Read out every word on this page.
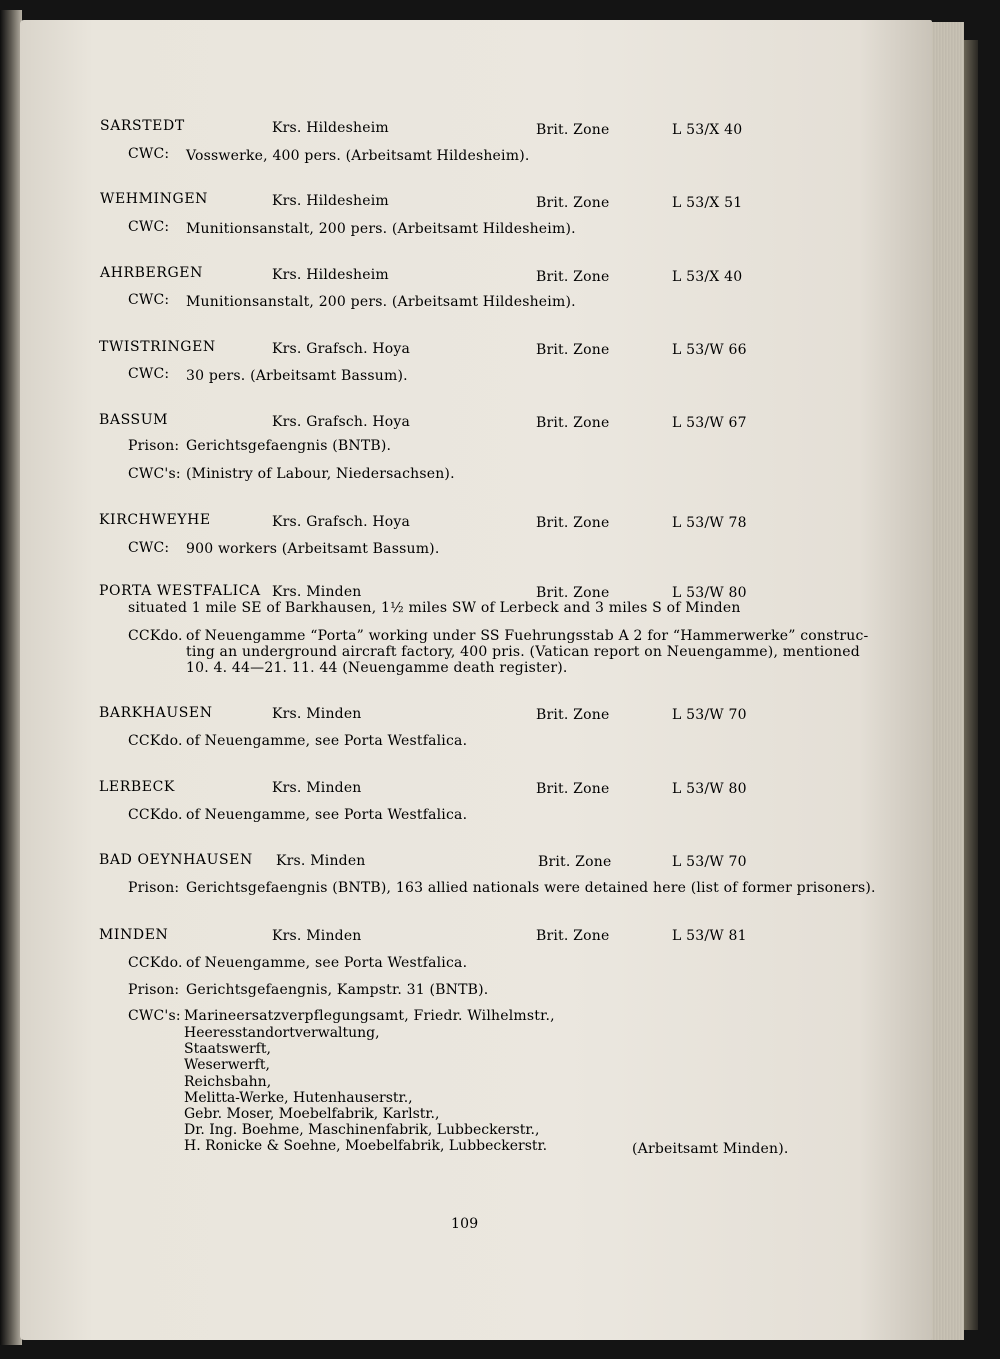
SARSTEDT	Krs. Hildesheim	Brit. Zone	L 53/X 40
CWC: Vosswerke, 400 pers. (Arbeitsamt Hildesheim).
WEHMINGEN	Krs. Hildesheim	Brit. Zone	L 53/X 51
CWC: Munitionsanstalt, 200 pers. (Arbeitsamt Hildesheim).
AHRBERGEN	Krs. Hildesheim	Brit. Zone	L 53/X 40
CWC: Munitionsanstalt, 200 pers. (Arbeitsamt Hildesheim).
TWISTRINGEN	Krs. Grafsch. Hoya	Brit. Zone	L 53/W 66
CWC: 30 pers. (Arbeitsamt Bassum).
BASSUM	Krs. Grafsch. Hoya	Brit. Zone	L 53/W 67
Prison: Gerichtsgefaengnis (BNTB).
CWC's: (Ministry of Labour, Niedersachsen).
KIRCHWEYHE	Krs. Grafsch. Hoya	Brit. Zone	L 53/W 78
CWC: 900 workers (Arbeitsamt Bassum).
PORTA WESTFALICA Krs. Minden	Brit. Zone	L 53/W 80
situated 1 mile SE of Barkhausen, 1½ miles SW of Lerbeck and 3 miles S of Minden
CCKdo. of Neuengamme “Porta” working under SS Fuehrungsstab A 2 for “Hammerwerke” construc-
ting an underground aircraft factory, 400 pris. (Vatican report on Neuengamme), mentioned
10. 4. 44—21. 11. 44 (Neuengamme death register).
BARKHAUSEN	Krs. Minden	Brit. Zone	L 53/W 70
CCKdo. of Neuengamme, see Porta Westfalica.
LERBECK	Krs. Minden	Brit. Zone	L 53/W 80
CCKdo. of Neuengamme, see Porta Westfalica.
BAD OEYNHAUSEN Krs. Minden	Brit. Zone	L 53/W 70
Prison: Gerichtsgefaengnis (BNTB), 163 allied nationals were detained here (list of former prisoners).
MINDEN	Krs. Minden	Brit. Zone	L 53/W 81
CCKdo. of Neuengamme, see Porta Westfalica.
Prison: Gerichtsgefaengnis, Kampstr. 31 (BNTB).
CWC's: Marineersatzverpflegungsamt, Friedr. Wilhelmstr.,
Heeresstandortverwaltung,
Staatswerft,
Weserwerft,
Reichsbahn,
Melitta-Werke, Hutenhauserstr.,
Gebr. Moser, Moebelfabrik, Karlstr.,
Dr. Ing. Boehme, Maschinenfabrik, Lubbeckerstr.,
H. Ronicke & Soehne, Moebelfabrik, Lubbeckerstr.	(Arbeitsamt Minden).
109
